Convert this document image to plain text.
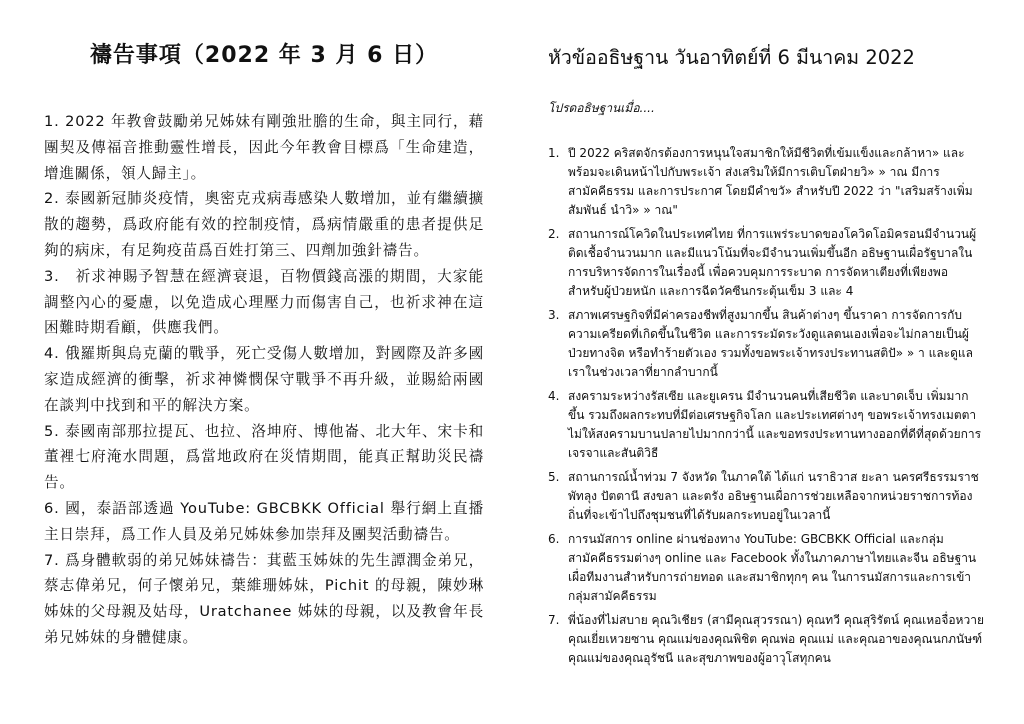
禱告事項（2022 年 3 月 6 日）
1. 2022 年教會鼓勵弟兄姊妹有剛強壯膽的生命，與主同行，藉團契及傳福音推動靈性增長，因此今年教會目標爲「生命建造，增進關係，領人歸主」。
2. 泰國新冠肺炎疫情，奧密克戎病毒感染人數增加，並有繼續擴散的趨勢，爲政府能有效的控制疫情，爲病情嚴重的患者提供足夠的病床，有足夠疫苗爲百姓打第三、四劑加強針禱告。
3.　祈求神賜予智慧在經濟衰退，百物價錢高漲的期間，大家能調整內心的憂慮，以免造成心理壓力而傷害自己，也祈求神在這困難時期看顧，供應我們。
4. 俄羅斯與烏克蘭的戰爭，死亡受傷人數增加，對國際及許多國家造成經濟的衝擊，祈求神憐憫保守戰爭不再升級，並賜給兩國在談判中找到和平的解決方案。
5. 泰國南部那拉提瓦、也拉、洛坤府、博他崙、北大年、宋卡和董裡七府淹水問題，爲當地政府在災情期間，能真正幫助災民禱告。
6. 國，泰語部透過 YouTube: GBCBKK Official 舉行網上直播主日崇拜，爲工作人員及弟兄姊妹參加崇拜及團契活動禱告。
7. 爲身體軟弱的弟兄姊妹禱告：萁藍玉姊妹的先生譚潤金弟兄，蔡志偉弟兄，何子懷弟兄，葉維珊姊妹，Pichit 的母親，陳妙琳姊妹的父母親及姑母，Uratchanee 姊妹的母親，以及教會年長弟兄姊妹的身體健康。
หัวข้ออธิษฐาน วันอาทิตย์ที่ 6 มีนาคม 2022

โปรดอธิษฐานเมื่อ....

1. ปี 2022 คริสตจักรต้องการหนุนใจสมาชิกให้มีชีวิตที่เข้มแข็งและกล้าหา» และพร้อมจะเดินหน้าไปกับพระเจ้า ส่งเสริมให้มีการเติบโตฝ่ายวิ» » าณ มีการสามัคคีธรรม และการประกาศ โดยมีคำขวั» สำหรับปี 2022 ว่า "เสริมสร้างเพิ่มสัมพันธ์ นำวิ» » าณ"
2. สถานการณ์โควิดในประเทศไทย ที่การแพร่ระบาดของโควิดโอมิครอนมีจำนวนผู้ติดเชื้อจำนวนมาก และมีแนวโน้มที่จะมีจำนวนเพิ่มขึ้นอีก อธิษฐานเผื่อรัฐบาลในการบริหารจัดการในเรื่องนี้ เพื่อควบคุมการระบาด การจัดหาเตียงที่เพียงพอสำหรับผู้ป่วยหนัก และการฉีดวัคซีนกระตุ้นเข็ม 3 และ 4
3. สภาพเศรษฐกิจที่มีค่าครองชีพที่สูงมากขึ้น สินค้าต่างๆ ขึ้นราคา การจัดการกับความเครียดที่เกิดขึ้นในชีวิต และการระมัดระวังดูแลตนเองเพื่อจะไม่กลายเป็นผู้ป่วยทางจิต หรือทำร้ายตัวเอง รวมทั้งขอพระเจ้าทรงประทานสติปั» » า และดูแลเราในช่วงเวลาที่ยากลำบากนี้
4. สงครามระหว่างรัสเซีย และยูเครน มีจำนวนคนที่เสียชีวิต และบาดเจ็บ เพิ่มมากขึ้น รวมถึงผลกระทบที่มีต่อเศรษฐกิจโลก และประเทศต่างๆ ขอพระเจ้าทรงเมตตาไม่ให้สงครามบานปลายไปมากกว่านี้ และขอทรงประทานทางออกที่ดีที่สุดด้วยการเจรจาและสันติวิธี
5. สถานการณ์น้ำท่วม 7 จังหวัด ในภาคใต้ ได้แก่ นราธิวาส ยะลา นครศรีธรรมราช พัทลุง ปัตตานี สงขลา และตรัง อธิษฐานเผื่อการช่วยเหลือจากหน่วยราชการท้องถิ่นที่จะเข้าไปถึงชุมชนที่ได้รับผลกระทบอยู่ในเวลานี้
6. การนมัสการ online ผ่านช่องทาง YouTube: GBCBKK Official และกลุ่มสามัคคีธรรมต่างๆ online และ Facebook ทั้งในภาคภาษาไทยและจีน อธิษฐานเผื่อทีมงานสำหรับการถ่ายทอด และสมาชิกทุกๆ คน ในการนมัสการและการเข้ากลุ่มสามัคคีธรรม
7. พี่น้องที่ไม่สบาย คุณวิเชียร (สามีคุณสุวรรณา) คุณทวี คุณสุริรัตน์ คุณเหอจื่อหวาย คุณเยี่ยเหวยซาน คุณแม่ของคุณพิชิต คุณพ่อ คุณแม่ และคุณอาของคุณนกภนัษฑ์ คุณแม่ของคุณอุรัชนี และสุขภาพของผู้อาวุโสทุกคน
